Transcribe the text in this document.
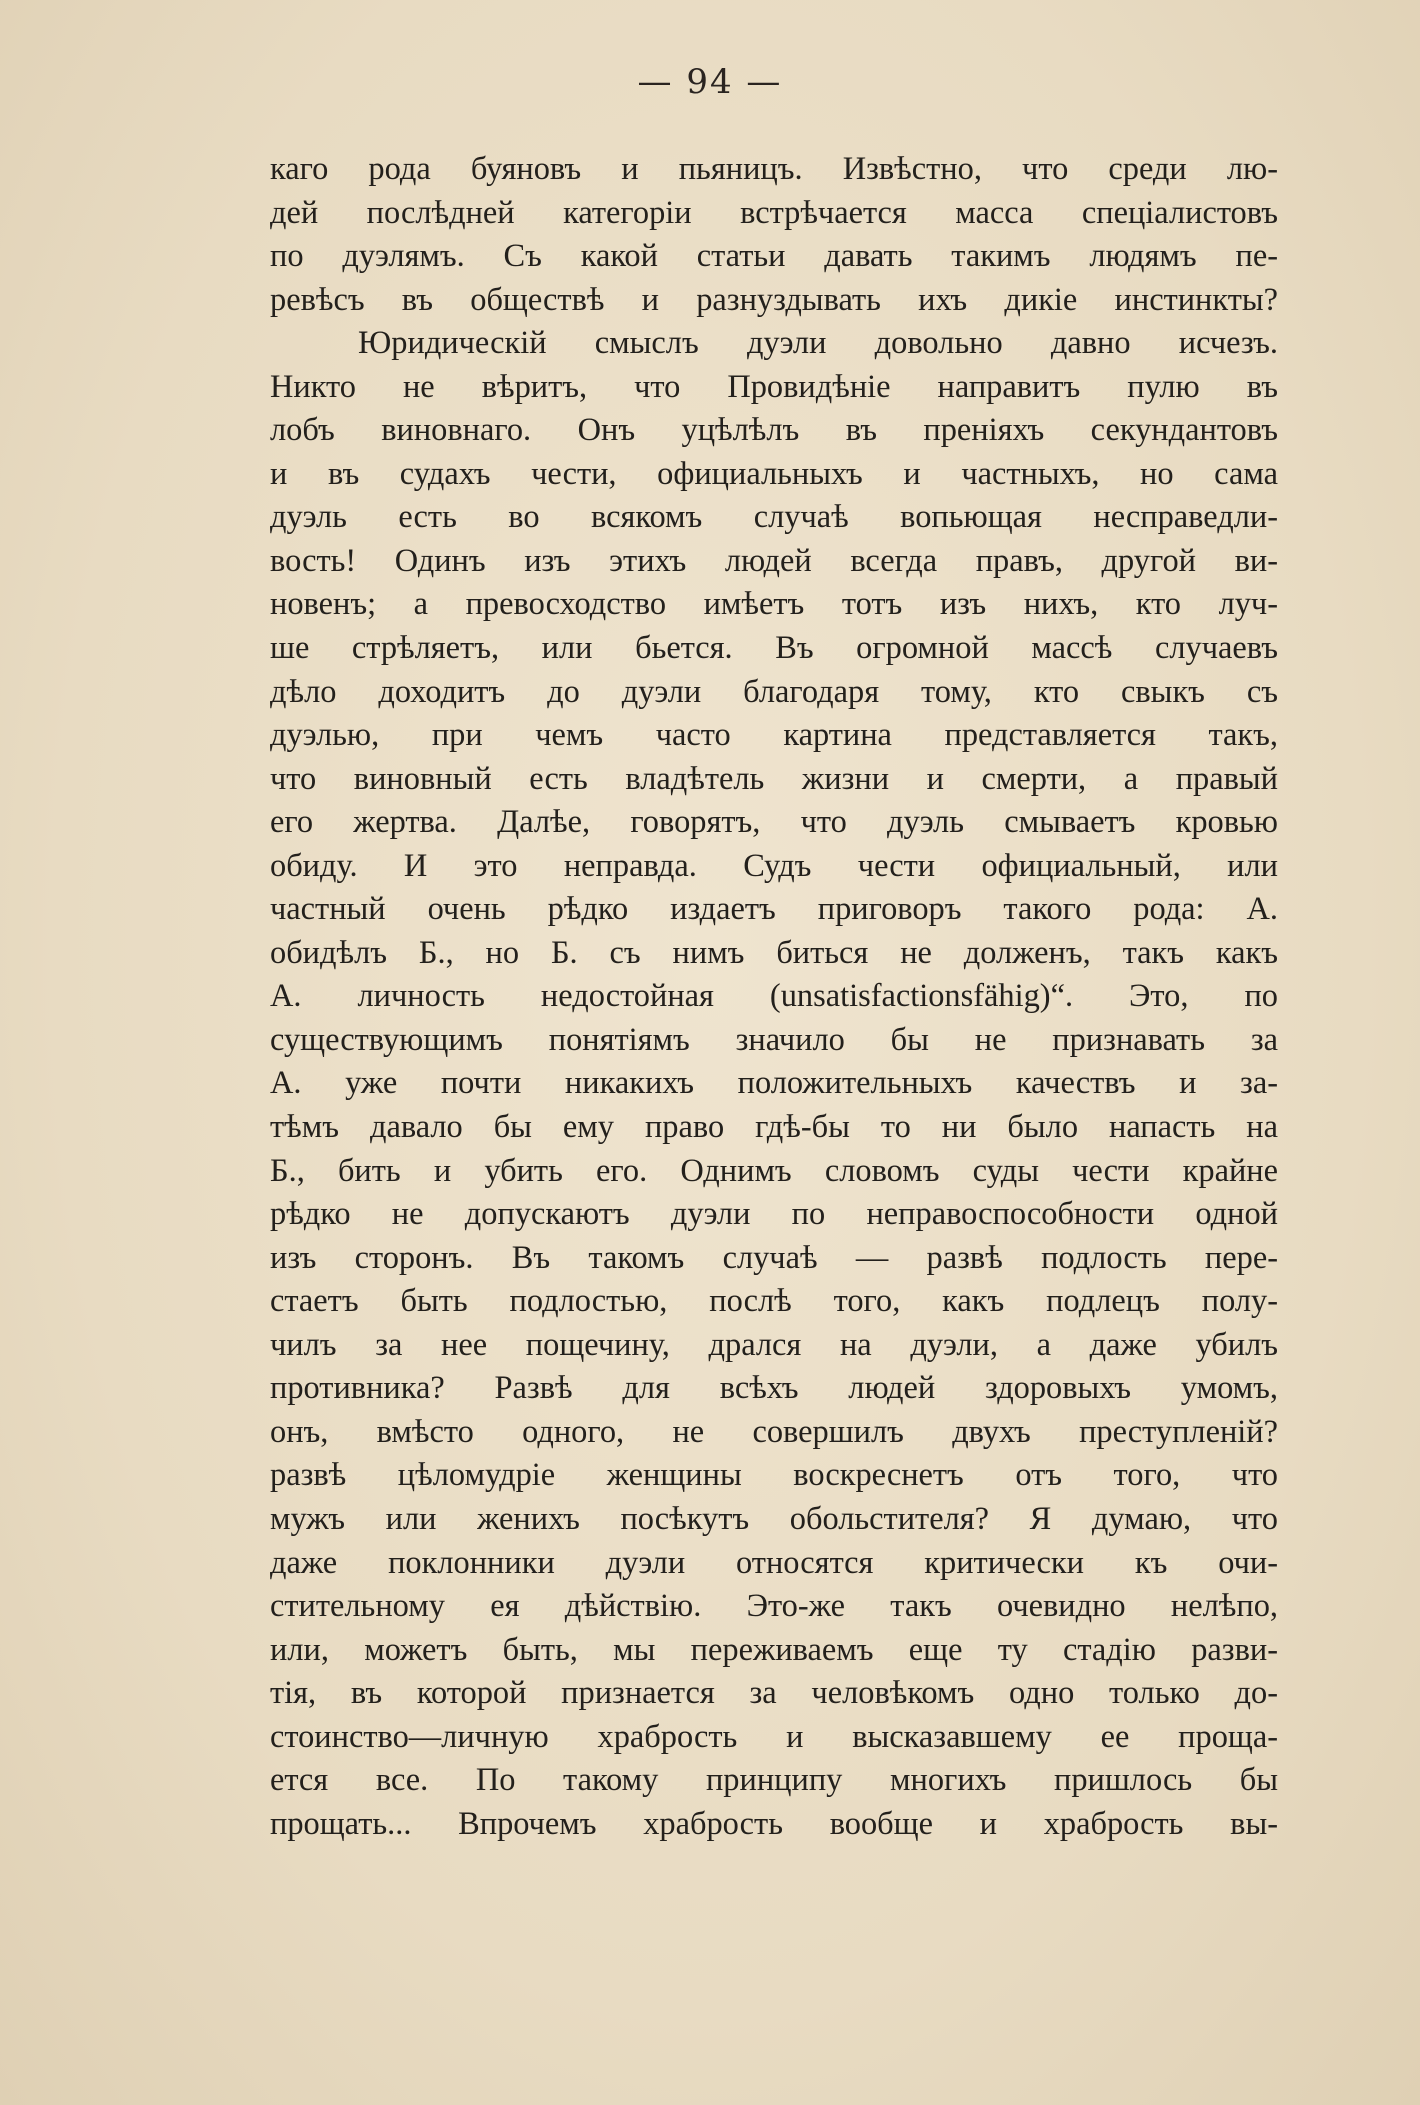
— 94 —
каго рода буяновъ и пьяницъ. Извѣстно, что среди лю-
дей послѣдней категоріи встрѣчается масса спеціалистовъ
по дуэлямъ. Съ какой статьи давать такимъ людямъ пе-
ревѣсъ въ обществѣ и разнуздывать ихъ дикіе инстинкты?
Юридическій смыслъ дуэли довольно давно исчезъ.
Никто не вѣритъ, что Провидѣніе направитъ пулю въ
лобъ виновнаго. Онъ уцѣлѣлъ въ преніяхъ секундантовъ
и въ судахъ чести, официальныхъ и частныхъ, но сама
дуэль есть во всякомъ случаѣ вопьющая несправедли-
вость! Одинъ изъ этихъ людей всегда правъ, другой ви-
новенъ; а превосходство имѣетъ тотъ изъ нихъ, кто луч-
ше стрѣляетъ, или бьется. Въ огромной массѣ случаевъ
дѣло доходитъ до дуэли благодаря тому, кто свыкъ съ
дуэлью, при чемъ часто картина представляется такъ,
что виновный есть владѣтель жизни и смерти, а правый
его жертва. Далѣе, говорятъ, что дуэль смываетъ кровью
обиду. И это неправда. Судъ чести официальный, или
частный очень рѣдко издаетъ приговоръ такого рода: А.
обидѣлъ Б., но Б. съ нимъ биться не долженъ, такъ какъ
А. личность недостойная (unsatisfactionsfähig)“. Это, по
существующимъ понятіямъ значило бы не признавать за
А. уже почти никакихъ положительныхъ качествъ и за-
тѣмъ давало бы ему право гдѣ-бы то ни было напасть на
Б., бить и убить его. Однимъ словомъ суды чести крайне
рѣдко не допускаютъ дуэли по неправоспособности одной
изъ сторонъ. Въ такомъ случаѣ — развѣ подлость пере-
стаетъ быть подлостью, послѣ того, какъ подлецъ полу-
чилъ за нее пощечину, дрался на дуэли, а даже убилъ
противника? Развѣ для всѣхъ людей здоровыхъ умомъ,
онъ, вмѣсто одного, не совершилъ двухъ преступленій?
развѣ цѣломудріе женщины воскреснетъ отъ того, что
мужъ или женихъ посѣкутъ обольстителя? Я думаю, что
даже поклонники дуэли относятся критически къ очи-
стительному ея дѣйствію. Это-же такъ очевидно нелѣпо,
или, можетъ быть, мы переживаемъ еще ту стадію разви-
тія, въ которой признается за человѣкомъ одно только до-
стоинство—личную храбрость и высказавшему ее проща-
ется все. По такому принципу многихъ пришлось бы
прощать... Впрочемъ храбрость вообще и храбрость вы-
